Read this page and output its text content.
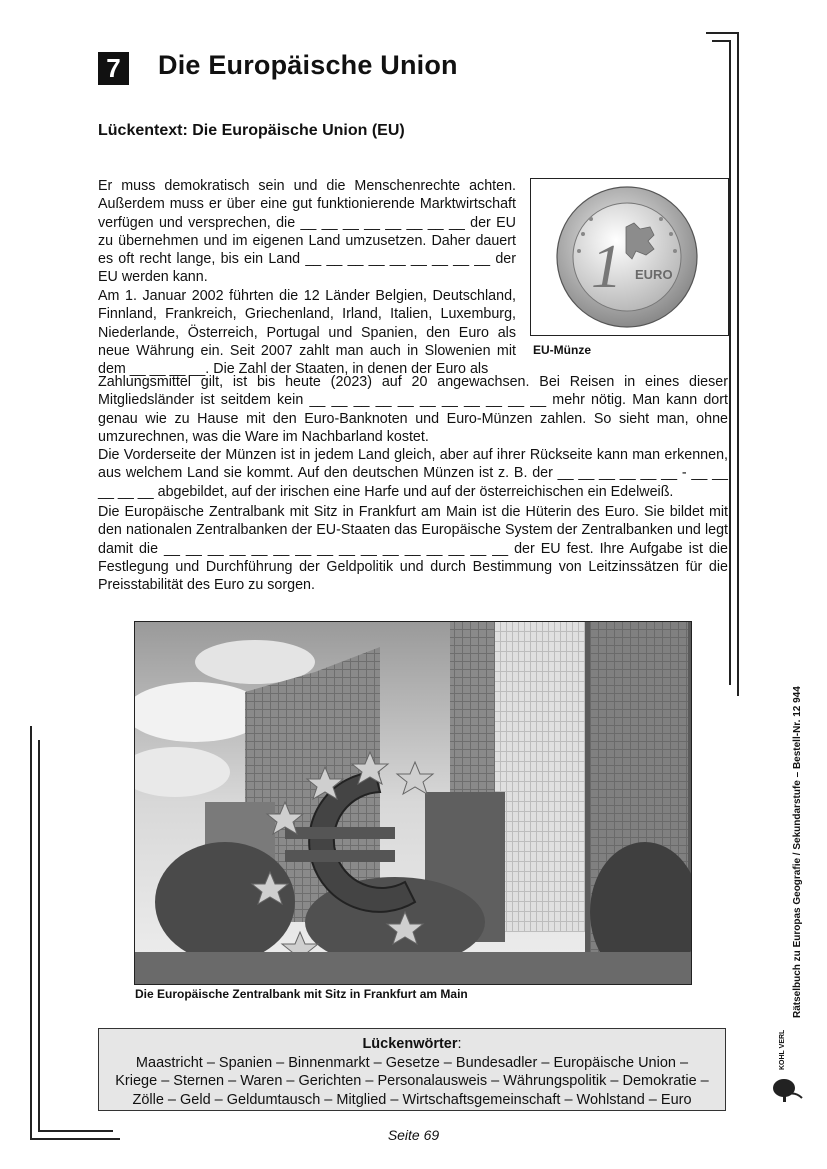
7	Die Europäische Union
Lückentext: Die Europäische Union (EU)

Er muss demokratisch sein und die Menschenrechte achten. Außerdem muss er über eine gut funktionierende Marktwirtschaft verfügen und versprechen, die __ __ __ __ __ __ __ __ der EU zu übernehmen und im eigenen Land umzusetzen. Daher dauert es oft recht lange, bis ein Land __ __ __ __ __ __ __ __ __ der EU werden kann.

Am 1. Januar 2002 führten die 12 Länder Belgien, Deutschland, Finnland, Frankreich, Griechenland, Irland, Italien, Luxemburg, Niederlande, Österreich, Portugal und Spanien, den Euro als neue Währung ein. Seit 2007 zahlt man auch in Slowenien mit dem __ __ __ __. Die Zahl der Staaten, in denen der Euro als

Zahlungsmittel gilt, ist bis heute (2023) auf 20 angewachsen. Bei Reisen in eines dieser Mitgliedsländer ist seitdem kein __ __ __ __ __ __ __ __ __ __ __ mehr nötig. Man kann dort genau wie zu Hause mit den Euro-Banknoten und Euro-Münzen zahlen. So sieht man, ohne umzurechnen, was die Ware im Nachbarland kostet.

Die Vorderseite der Münzen ist in jedem Land gleich, aber auf ihrer Rückseite kann man erkennen, aus welchem Land sie kommt. Auf den deutschen Münzen ist z. B. der __ __ __ __ __ __ - __ __ __ __ __ abgebildet, auf der irischen eine Harfe und auf der österreichischen ein Edelweiß.

Die Europäische Zentralbank mit Sitz in Frankfurt am Main ist die Hüterin des Euro. Sie bildet mit den nationalen Zentralbanken der EU-Staaten das Europäische System der Zentralbanken und legt damit die __ __ __ __ __ __ __ __ __ __ __ __ __ __ __ __ der EU fest. Ihre Aufgabe ist die Festlegung und Durchführung der Geldpolitik und durch Bestimmung von Leitzinssätzen für die Preisstabilität des Euro zu sorgen.

1 EURO
EU-Münze
Die Europäische Zentralbank mit Sitz in Frankfurt am Main
Lückenwörter:
Maastricht – Spanien – Binnenmarkt – Gesetze – Bundesadler – Europäische Union –
Kriege – Sternen – Waren – Gerichten – Personalausweis – Währungspolitik – Demokratie –
Zölle – Geld – Geldumtausch – Mitglied – Wirtschaftsgemeinschaft – Wohlstand – Euro
Seite 69
Rätselbuch zu Europas Geografie / Sekundarstufe – Bestell-Nr. 12 944
KOHL VERLAG
